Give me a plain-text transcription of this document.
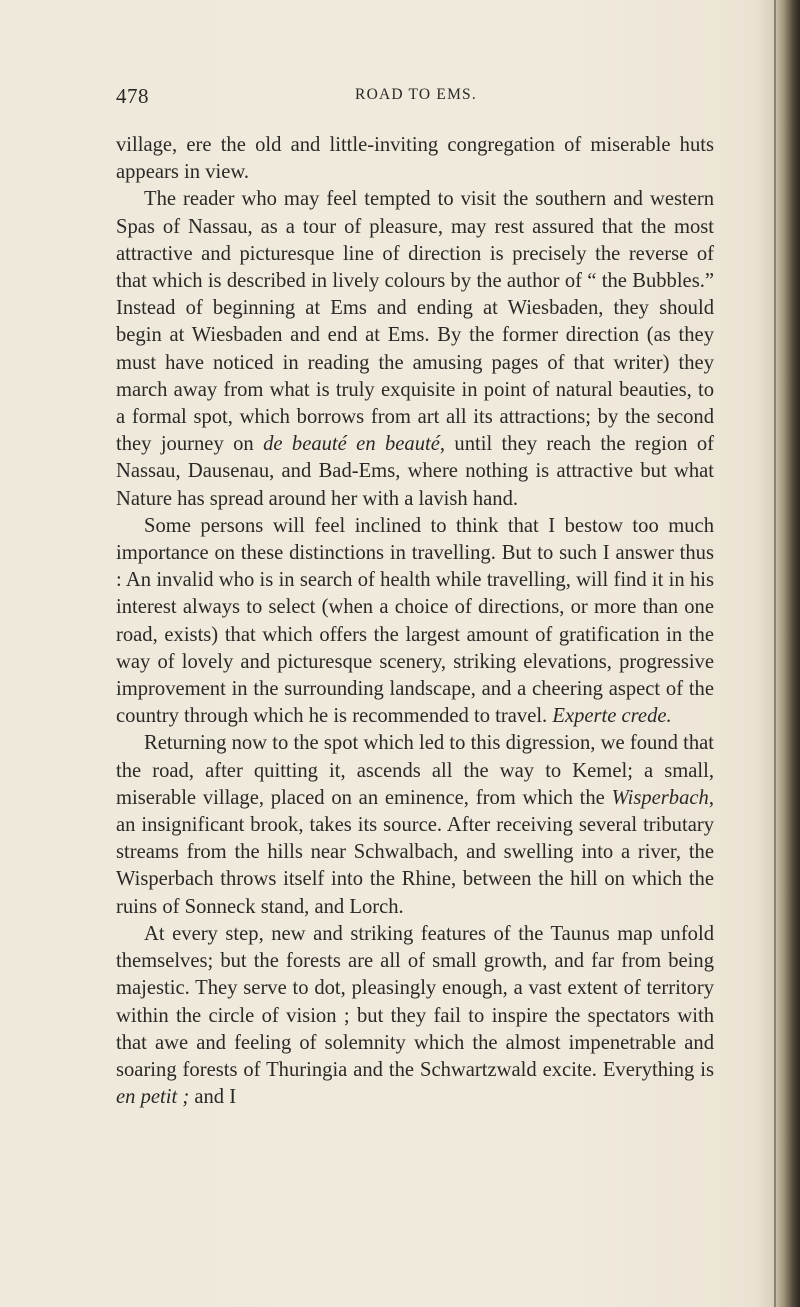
478	ROAD TO EMS.

village, ere the old and little-inviting congregation of miserable huts appears in view.

The reader who may feel tempted to visit the southern and western Spas of Nassau, as a tour of pleasure, may rest assured that the most attractive and picturesque line of direction is precisely the reverse of that which is described in lively colours by the author of “ the Bubbles.” Instead of beginning at Ems and ending at Wiesbaden, they should begin at Wiesbaden and end at Ems. By the former direction (as they must have noticed in reading the amusing pages of that writer) they march away from what is truly exquisite in point of natural beauties, to a formal spot, which borrows from art all its attractions; by the second they journey on de beauté en beauté, until they reach the region of Nassau, Dausenau, and Bad-Ems, where nothing is attractive but what Nature has spread around her with a lavish hand.

Some persons will feel inclined to think that I bestow too much importance on these distinctions in travelling. But to such I answer thus : An invalid who is in search of health while travelling, will find it in his interest always to select (when a choice of directions, or more than one road, exists) that which offers the largest amount of gratification in the way of lovely and picturesque scenery, striking elevations, progressive improvement in the surrounding landscape, and a cheering aspect of the country through which he is recommended to travel. Experte crede.

Returning now to the spot which led to this digression, we found that the road, after quitting it, ascends all the way to Kemel; a small, miserable village, placed on an eminence, from which the Wisperbach, an insignificant brook, takes its source. After receiving several tributary streams from the hills near Schwalbach, and swelling into a river, the Wisperbach throws itself into the Rhine, between the hill on which the ruins of Sonneck stand, and Lorch.

At every step, new and striking features of the Taunus map unfold themselves; but the forests are all of small growth, and far from being majestic. They serve to dot, pleasingly enough, a vast extent of territory within the circle of vision ; but they fail to inspire the spectators with that awe and feeling of solemnity which the almost impenetrable and soaring forests of Thuringia and the Schwartzwald excite. Everything is en petit ; and I
